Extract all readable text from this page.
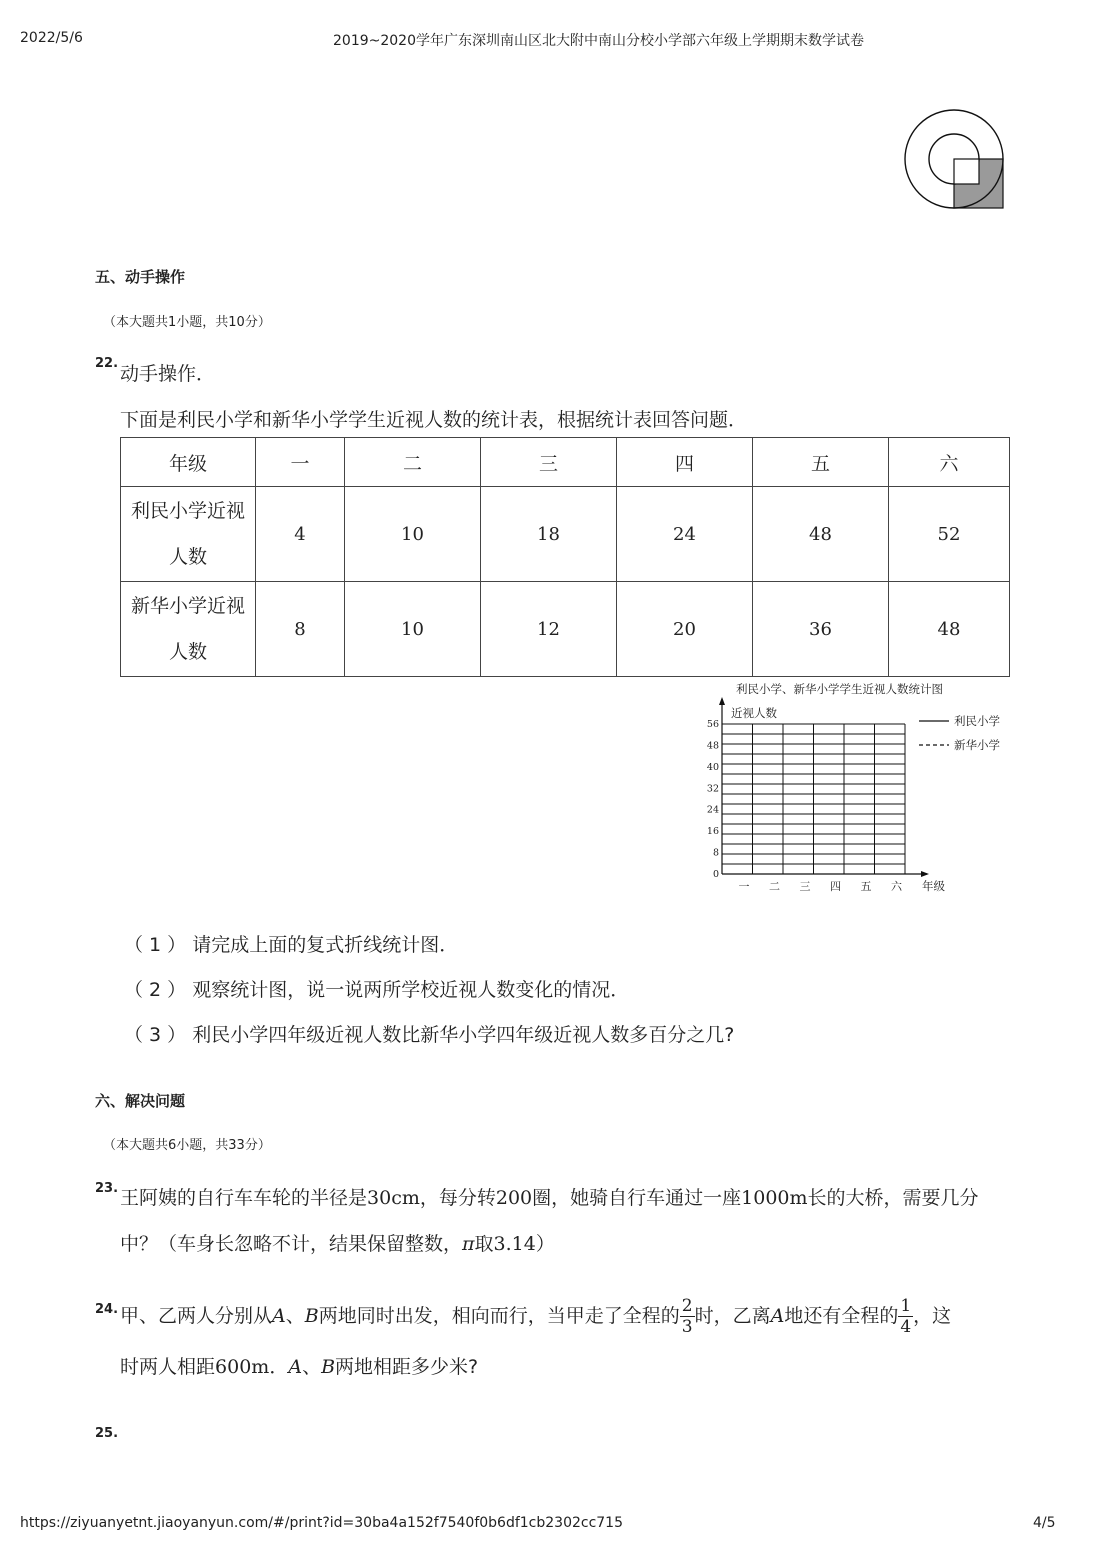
2022/5/6	2019~2020学年广东深圳南山区北大附中南山分校小学部六年级上学期期末数学试卷
五、动手操作
（本大题共1小题，共10分）
22. 动手操作．
下面是利民小学和新华小学学生近视人数的统计表，根据统计表回答问题．
年级	一	二	三	四	五	六

利民小学近视
人数	4	10	18	24	48	52

新华小学近视
人数	8	10	12	20	36	48
利民小学、新华小学学生近视人数统计图
近视人数
0
8
16
24
32
40
48
56
一 二 三 四 五 六 年级
利民小学
新华小学
（ 1 ） 请完成上面的复式折线统计图．
（ 2 ） 观察统计图，说一说两所学校近视人数变化的情况．
（ 3 ） 利民小学四年级近视人数比新华小学四年级近视人数多百分之几?
六、解决问题
（本大题共6小题，共33分）
23. 王阿姨的自行车车轮的半径是30cm，每分转200圈，她骑自行车通过一座1000m长的大桥，需要几分
中？（车身长忽略不计，结果保留整数，π取3.14）
24. 甲、乙两人分别从A、B两地同时出发，相向而行，当甲走了全程的 $\frac{2}{3}$ 时，乙离A地还有全程的 $\frac{1}{4}$ ，这
时两人相距600m．A、B两地相距多少米?
25.
https://ziyuanyetnt.jiaoyanyun.com/#/print?id=30ba4a152f7540f0b6df1cb2302cc715	4/5
